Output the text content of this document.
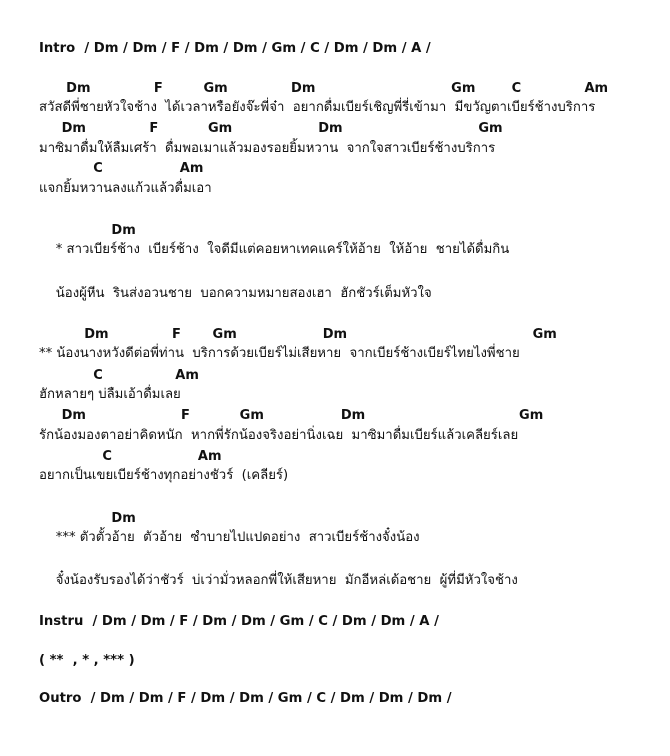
Intro  / Dm / Dm / F / Dm / Dm / Gm / C / Dm / Dm / A /
Dm              F         Gm              Dm                              Gm        C              Am
สวัสดีพี่ชายหัวใจช้าง  ได้เวลาหรือยังจ๊ะพี่จ๋า  อยากดื่มเบียร์เชิญพี่รี่เข้ามา  มีขวัญตาเบียร์ช้างบริการ
Dm              F           Gm                   Dm                              Gm
มาซิมาดื่มให้ลืมเศร้า  ดื่มพอเมาแล้วมองรอยยิ้มหวาน  จากใจสาวเบียร์ช้างบริการ
C                 Am
แจกยิ้มหวานลงแก้วแล้วดื่มเอา
Dm
* สาวเบียร์ช้าง  เบียร์ช้าง  ใจดีมีแต่คอยหาเทคแคร์ให้อ้าย  ให้อ้าย  ชายได้ดื่มกิน
น้องผู้หีน  รินส่งอวนชาย  บอกความหมายสองเฮา  ฮักชัวร์เต็มหัวใจ
Dm              F       Gm                   Dm                                         Gm
** น้องนางหวังดีต่อพี่ท่าน  บริการด้วยเบียร์ไม่เสียหาย  จากเบียร์ช้างเบียร์ไทยไงพี่ชาย
C                Am
ฮักหลายๆ บ่ลืมเอ้าดื่มเลย
Dm                     F           Gm                 Dm                                  Gm
รักน้องมองตาอย่าคิดหนัก  หากพี่รักน้องจริงอย่านิ่งเฉย  มาซิมาดื่มเบียร์แล้วเคลียร์เลย
C                   Am
อยากเป็นเขยเบียร์ช้างทุกอย่างชัวร์  (เคลียร์)
Dm
*** ตัวตั้วอ้าย  ตัวอ้าย  ซำบายไปแปดอย่าง  สาวเบียร์ช้างจั๋งน้อง
จั๋งน้องรับรองได้ว่าชัวร์  บ่เว่ามั่วหลอกพี่ให้เสียหาย  มักอีหล่เด้อชาย  ผู้ที่มีหัวใจช้าง
Instru  / Dm / Dm / F / Dm / Dm / Gm / C / Dm / Dm / A /
( **  , * , *** )
Outro  / Dm / Dm / F / Dm / Dm / Gm / C / Dm / Dm / Dm /
